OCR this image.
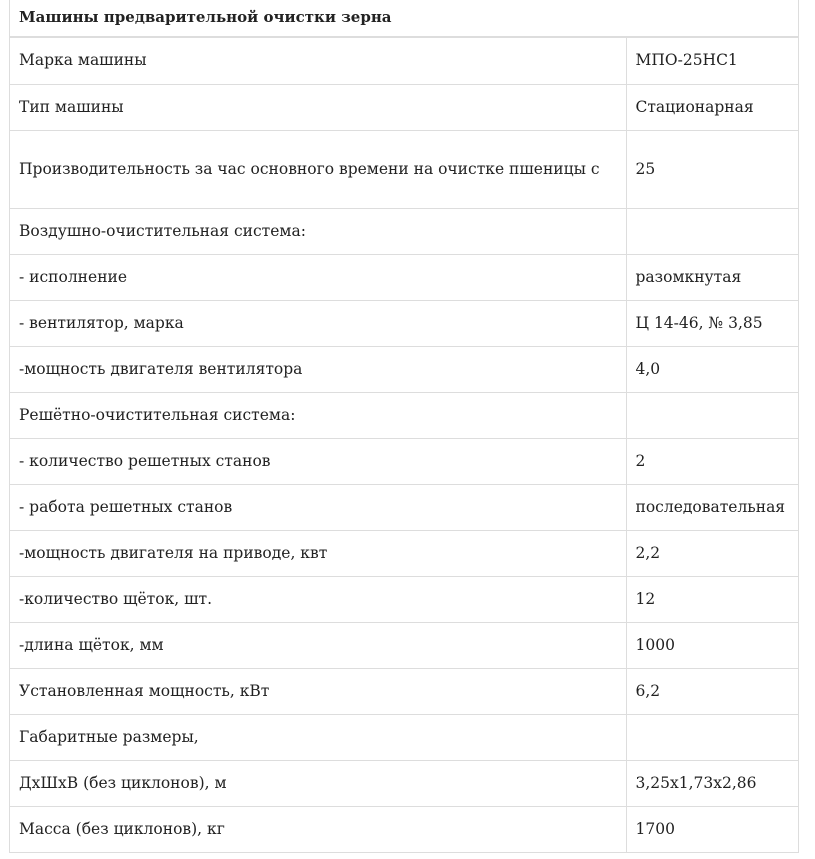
Машины предварительной очистки зерна
Марка машины	МПО-25НС1
Тип машины	Стационарная
Производительность за час основного времени на очистке пшеницы с	25
Воздушно-очистительная система:	
- исполнение	разомкнутая
- вентилятор, марка	Ц 14-46, № 3,85
-мощность двигателя вентилятора	4,0
Решётно-очистительная система:	
- количество решетных станов	2
- работа решетных станов	последовательная
-мощность двигателя на приводе, квт	2,2
-количество щёток, шт.	12
-длина щёток, мм	1000
Установленная мощность, кВт	6,2
Габаритные размеры,	
ДхШхВ (без циклонов), м	3,25х1,73х2,86
Масса (без циклонов), кг	1700
